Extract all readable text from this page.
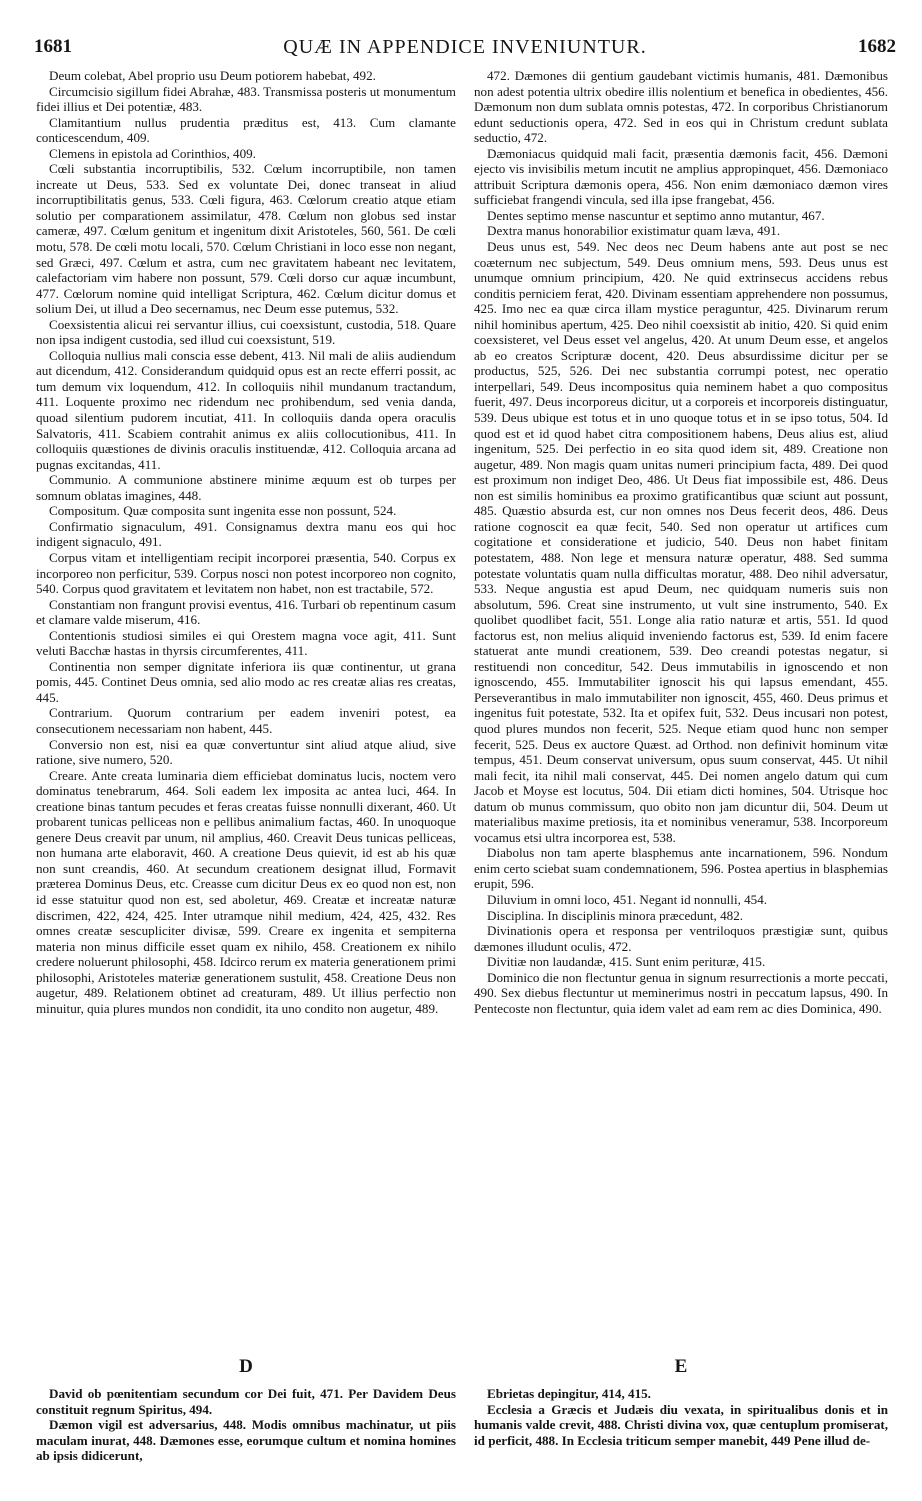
1681	QUÆ IN APPENDICE INVENIUNTUR.	1682

Deum colebat, Abel proprio usu Deum potiorem habebat, 492.

Circumcisio sigillum fidei Abrahæ, 483. Transmissa posteris ut monumentum fidei illius et Dei potentiæ, 483.

Clamitantium nullus prudentia præditus est, 413. Cum clamante conticescendum, 409.

Clemens in epistola ad Corinthios, 409.

Cœli substantia incorruptibilis, 532. Cœlum incorruptibile, non tamen increate ut Deus, 533. Sed ex voluntate Dei, donec transeat in aliud incorruptibilitatis genus, 533. Cœli figura, 463. Cœlorum creatio atque etiam solutio per comparationem assimilatur, 478. Cœlum non globus sed instar cameræ, 497. Cœlum genitum et ingenitum dixit Aristoteles, 560, 561. De cœli motu, 578. De cœli motu locali, 570. Cœlum Christiani in loco esse non negant, sed Græci, 497. Cœlum et astra, cum nec gravitatem habeant nec levitatem, calefactoriam vim habere non possunt, 579. Cœli dorso cur aquæ incumbunt, 477. Cœlorum nomine quid intelligat Scriptura, 462. Cœlum dicitur domus et solium Dei, ut illud a Deo secernamus, nec Deum esse putemus, 532.

Coexsistentia alicui rei servantur illius, cui coexsistunt, custodia, 518. Quare non ipsa indigent custodia, sed illud cui coexsistunt, 519.

Colloquia nullius mali conscia esse debent, 413. Nil mali de aliis audiendum aut dicendum, 412. Considerandum quidquid opus est an recte efferri possit, ac tum demum vix loquendum, 412. In colloquiis nihil mundanum tractandum, 411. Loquente proximo nec ridendum nec prohibendum, sed venia danda, quoad silentium pudorem incutiat, 411. In colloquiis danda opera oraculis Salvatoris, 411. Scabiem contrahit animus ex aliis collocutionibus, 411. In colloquiis quæstiones de divinis oraculis instituendæ, 412. Colloquia arcana ad pugnas excitandas, 411.

Communio. A communione abstinere minime æquum est ob turpes per somnum oblatas imagines, 448.

Compositum. Quæ composita sunt ingenita esse non possunt, 524.

Confirmatio signaculum, 491. Consignamus dextra manu eos qui hoc indigent signaculo, 491.

Corpus vitam et intelligentiam recipit incorporei præsentia, 540. Corpus ex incorporeo non perficitur, 539. Corpus nosci non potest incorporeo non cognito, 540. Corpus quod gravitatem et levitatem non habet, non est tractabile, 572.

Constantiam non frangunt provisi eventus, 416. Turbari ob repentinum casum et clamare valde miserum, 416.

Contentionis studiosi similes ei qui Orestem magna voce agit, 411. Sunt veluti Bacchæ hastas in thyrsis circumferentes, 411.

Continentia non semper dignitate inferiora iis quæ continentur, ut grana pomis, 445. Continet Deus omnia, sed alio modo ac res creatæ alias res creatas, 445.

Contrarium. Quorum contrarium per eadem inveniri potest, ea consecutionem necessariam non habent, 445.

Conversio non est, nisi ea quæ convertuntur sint aliud atque aliud, sive ratione, sive numero, 520.

Creare. Ante creata luminaria diem efficiebat dominatus lucis, noctem vero dominatus tenebrarum, 464. Soli eadem lex imposita ac antea luci, 464. In creatione binas tantum pecudes et feras creatas fuisse nonnulli dixerant, 460. Ut probarent tunicas pelliceas non e pellibus animalium factas, 460. In unoquoque genere Deus creavit par unum, nil amplius, 460. Creavit Deus tunicas pelliceas, non humana arte elaboravit, 460. A creatione Deus quievit, id est ab his quæ non sunt creandis, 460. At secundum creationem designat illud, Formavit præterea Dominus Deus, etc. Creasse cum dicitur Deus ex eo quod non est, non id esse statuitur quod non est, sed aboletur, 469. Creatæ et increatæ naturæ discrimen, 422, 424, 425. Inter utramque nihil medium, 424, 425, 432. Res omnes creatæ sescupliciter divisæ, 599. Creare ex ingenita et sempiterna materia non minus difficile esset quam ex nihilo, 458. Creationem ex nihilo credere noluerunt philosophi, 458. Idcirco rerum ex materia generationem primi philosophi, Aristoteles materiæ generationem sustulit, 458. Creatione Deus non augetur, 489. Relationem obtinet ad creaturam, 489. Ut illius perfectio non minuitur, quia plures mundos non condidit, ita uno condito non augetur, 489.

472. Dæmones dii gentium gaudebant victimis humanis, 481. Dæmonibus non adest potentia ultrix obedire illis nolentium et benefica in obedientes, 456. Dæmonum non dum sublata omnis potestas, 472. In corporibus Christianorum edunt seductionis opera, 472. Sed in eos qui in Christum credunt sublata seductio, 472.

Dæmoniacus quidquid mali facit, præsentia dæmonis facit, 456. Dæmoni ejecto vis invisibilis metum incutit ne amplius appropinquet, 456. Dæmoniaco attribuit Scriptura dæmonis opera, 456. Non enim dæmoniaco dæmon vires sufficiebat frangendi vincula, sed illa ipse frangebat, 456.

Dentes septimo mense nascuntur et septimo anno mutantur, 467.

Dextra manus honorabilior existimatur quam læva, 491.

Deus unus est, 549. Nec deos nec Deum habens ante aut post se nec coæternum nec subjectum, 549. Deus omnium mens, 593. Deus unus est unumque omnium principium, 420. Ne quid extrinsecus accidens rebus conditis perniciem ferat, 420. Divinam essentiam apprehendere non possumus, 425. Imo nec ea quæ circa illam mystice peraguntur, 425. Divinarum rerum nihil hominibus apertum, 425. Deo nihil coexsistit ab initio, 420. Si quid enim coexsisteret, vel Deus esset vel angelus, 420. At unum Deum esse, et angelos ab eo creatos Scripturæ docent, 420. Deus absurdissime dicitur per se productus, 525, 526. Dei nec substantia corrumpi potest, nec operatio interpellari, 549. Deus incompositus quia neminem habet a quo compositus fuerit, 497. Deus incorporeus dicitur, ut a corporeis et incorporeis distinguatur, 539. Deus ubique est totus et in uno quoque totus et in se ipso totus, 504. Id quod est et id quod habet citra compositionem habens, Deus alius est, aliud ingenitum, 525. Dei perfectio in eo sita quod idem sit, 489. Creatione non augetur, 489. Non magis quam unitas numeri principium facta, 489. Dei quod est proximum non indiget Deo, 486. Ut Deus fiat impossibile est, 486. Deus non est similis hominibus ea proximo gratificantibus quæ sciunt aut possunt, 485. Quæstio absurda est, cur non omnes nos Deus fecerit deos, 486. Deus ratione cognoscit ea quæ fecit, 540. Sed non operatur ut artifices cum cogitatione et consideratione et judicio, 540. Deus non habet finitam potestatem, 488. Non lege et mensura naturæ operatur, 488. Sed summa potestate voluntatis quam nulla difficultas moratur, 488. Deo nihil adversatur, 533. Neque angustia est apud Deum, nec quidquam numeris suis non absolutum, 596. Creat sine instrumento, ut vult sine instrumento, 540. Ex quolibet quodlibet facit, 551. Longe alia ratio naturæ et artis, 551. Id quod factorus est, non melius aliquid inveniendo factorus est, 539. Id enim facere statuerat ante mundi creationem, 539. Deo creandi potestas negatur, si restituendi non conceditur, 542. Deus immutabilis in ignoscendo et non ignoscendo, 455. Immutabiliter ignoscit his qui lapsus emendant, 455. Perseverantibus in malo immutabiliter non ignoscit, 455, 460. Deus primus et ingenitus fuit potestate, 532. Ita et opifex fuit, 532. Deus incusari non potest, quod plures mundos non fecerit, 525. Neque etiam quod hunc non semper fecerit, 525. Deus ex auctore Quæst. ad Orthod. non definivit hominum vitæ tempus, 451. Deum conservat universum, opus suum conservat, 445. Ut nihil mali fecit, ita nihil mali conservat, 445. Dei nomen angelo datum qui cum Jacob et Moyse est locutus, 504. Dii etiam dicti homines, 504. Utrisque hoc datum ob munus commissum, quo obito non jam dicuntur dii, 504. Deum ut materialibus maxime pretiosis, ita et nominibus veneramur, 538. Incorporeum vocamus etsi ultra incorporea est, 538.

Diabolus non tam aperte blasphemus ante incarnationem, 596. Nondum enim certo sciebat suam condemnationem, 596. Postea apertius in blasphemias erupit, 596.

Diluvium in omni loco, 451. Negant id nonnulli, 454.

Disciplina. In disciplinis minora præcedunt, 482.

Divinationis opera et responsa per ventriloquos præstigiæ sunt, quibus dæmones illudunt oculis, 472.

Divitiæ non laudandæ, 415. Sunt enim perituræ, 415.

Dominico die non flectuntur genua in signum resurrectionis a morte peccati, 490. Sex diebus flectuntur ut meminerimus nostri in peccatum lapsus, 490. In Pentecoste non flectuntur, quia idem valet ad eam rem ac dies Dominica, 490.

D	E

David ob pœnitentiam secundum cor Dei fuit, 471. Per Davidem Deus constituit regnum Spiritus, 494.

Dæmon vigil est adversarius, 448. Modis omnibus machinatur, ut piis maculam inurat, 448. Dæmones esse, eorumque cultum et nomina homines ab ipsis didicerunt,

Ebrietas depingitur, 414, 415.

Ecclesia a Græcis et Judæis diu vexata, in spiritualibus donis et in humanis valde crevit, 488. Christi divina vox, quæ centuplum promiserat, id perficit, 488. In Ecclesia triticum semper manebit, 449 Pene illud de-
